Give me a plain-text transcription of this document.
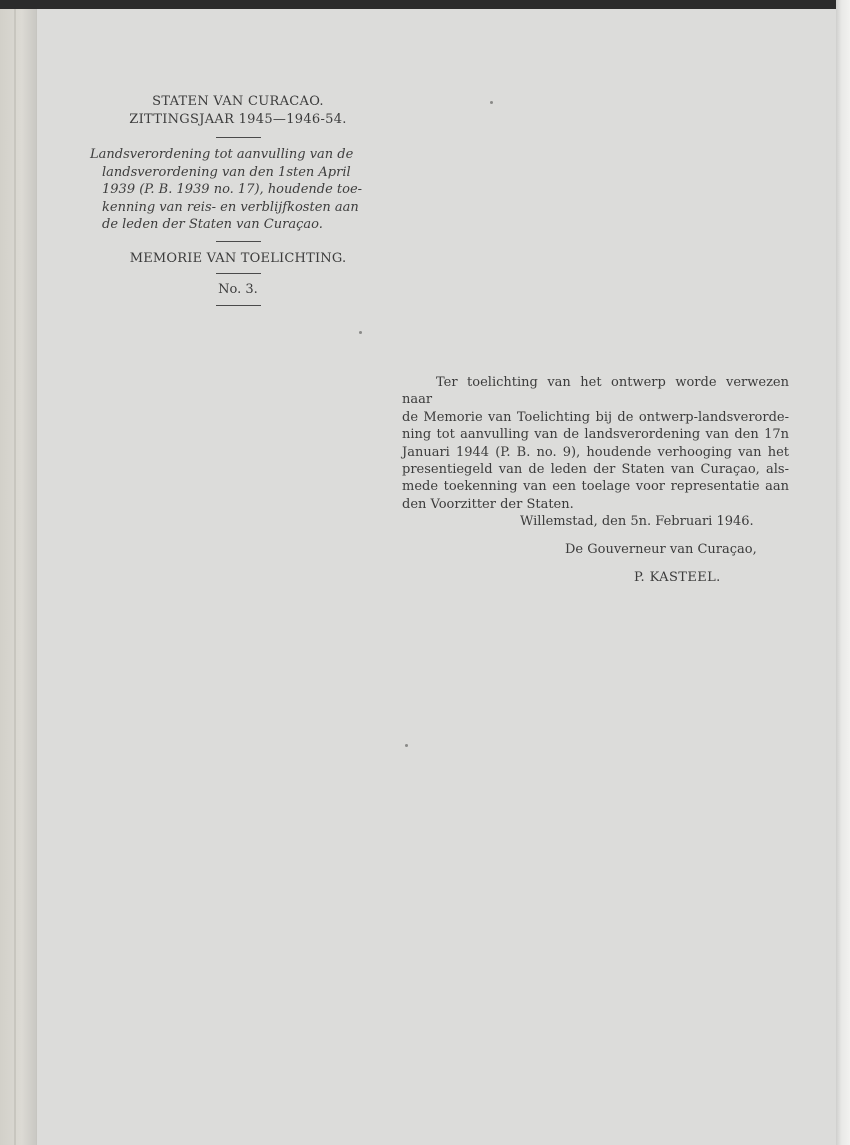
STATEN VAN CURACAO.
ZITTINGSJAAR 1945—1946-54.
Landsverordening tot aanvulling van de
landsverordening van den 1sten April
1939 (P. B. 1939 no. 17), houdende toe-
kenning van reis- en verblijfkosten aan
de leden der Staten van Curaçao.
MEMORIE VAN TOELICHTING.
No. 3.
Ter toelichting van het ontwerp worde verwezen naar
de Memorie van Toelichting bij de ontwerp-landsverorde-
ning tot aanvulling van de landsverordening van den 17n
Januari 1944 (P. B. no. 9), houdende verhooging van het
presentiegeld van de leden der Staten van Curaçao, als-
mede toekenning van een toelage voor representatie aan
den Voorzitter der Staten.
Willemstad, den 5n. Februari 1946.
De Gouverneur van Curaçao,
P. KASTEEL.
